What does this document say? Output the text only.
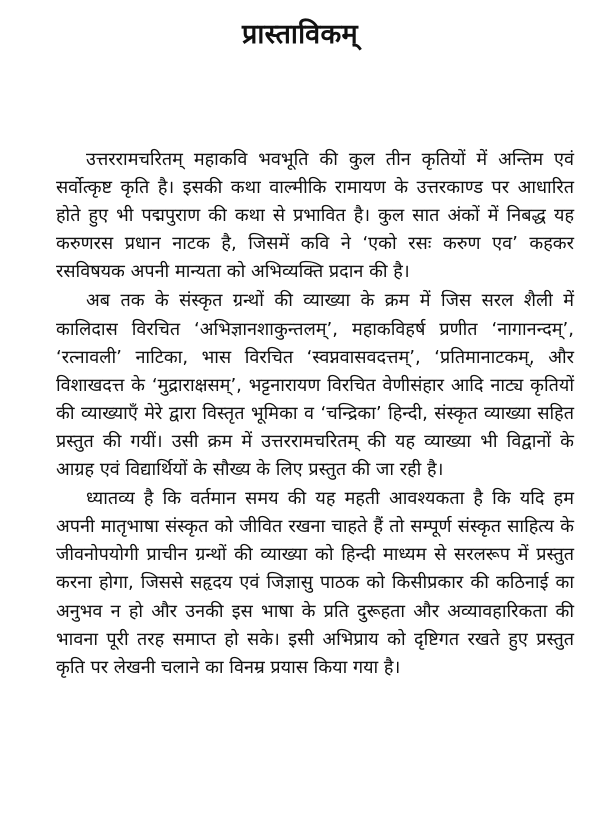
प्रास्ताविकम्

उत्तररामचरितम् महाकवि भवभूति की कुल तीन कृतियों में अन्तिम एवं सर्वोत्कृष्ट कृति है। इसकी कथा वाल्मीकि रामायण के उत्तरकाण्ड पर आधारित होते हुए भी पद्मपुराण की कथा से प्रभावित है। कुल सात अंकों में निबद्ध यह करुणरस प्रधान नाटक है, जिसमें कवि ने ‘एको रसः करुण एव’ कहकर रसविषयक अपनी मान्यता को अभिव्यक्ति प्रदान की है।

अब तक के संस्कृत ग्रन्थों की व्याख्या के क्रम में जिस सरल शैली में कालिदास विरचित ‘अभिज्ञानशाकुन्तलम्’, महाकविहर्ष प्रणीत ‘नागानन्दम्’, ‘रत्नावली’ नाटिका, भास विरचित ‘स्वप्नवासवदत्तम्’, ‘प्रतिमानाटकम्, और विशाखदत्त के ‘मुद्राराक्षसम्’, भट्टनारायण विरचित वेणीसंहार आदि नाट्य कृतियों की व्याख्याएँ मेरे द्वारा विस्तृत भूमिका व ‘चन्द्रिका’ हिन्दी, संस्कृत व्याख्या सहित प्रस्तुत की गयीं। उसी क्रम में उत्तररामचरितम् की यह व्याख्या भी विद्वानों के आग्रह एवं विद्यार्थियों के सौख्य के लिए प्रस्तुत की जा रही है।

ध्यातव्य है कि वर्तमान समय की यह महती आवश्यकता है कि यदि हम अपनी मातृभाषा संस्कृत को जीवित रखना चाहते हैं तो सम्पूर्ण संस्कृत साहित्य के जीवनोपयोगी प्राचीन ग्रन्थों की व्याख्या को हिन्दी माध्यम से सरलरूप में प्रस्तुत करना होगा, जिससे सहृदय एवं जिज्ञासु पाठक को किसीप्रकार की कठिनाई का अनुभव न हो और उनकी इस भाषा के प्रति दुरूहता और अव्यावहारिकता की भावना पूरी तरह समाप्त हो सके। इसी अभिप्राय को दृष्टिगत रखते हुए प्रस्तुत कृति पर लेखनी चलाने का विनम्र प्रयास किया गया है।
